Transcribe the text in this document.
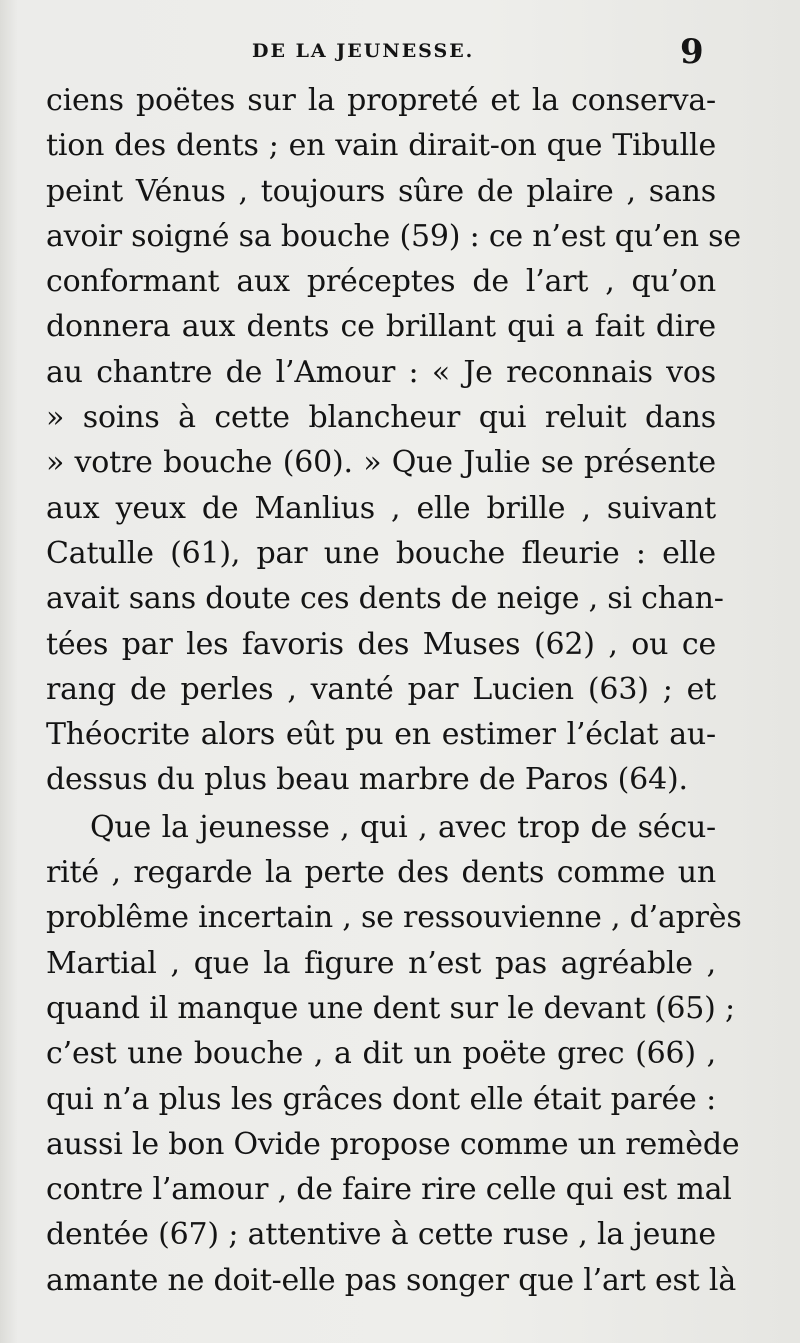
DE LA JEUNESSE.	9
ciens poëtes sur la propreté et la conserva-
tion des dents ; en vain dirait-on que Tibulle
peint Vénus , toujours sûre de plaire , sans
avoir soigné sa bouche (59) : ce n’est qu’en se
conformant aux préceptes de l’art , qu’on
donnera aux dents ce brillant qui a fait dire
au chantre de l’Amour : « Je reconnais vos
» soins à cette blancheur qui reluit dans
» votre bouche (60). » Que Julie se présente
aux yeux de Manlius , elle brille , suivant
Catulle (61), par une bouche fleurie : elle
avait sans doute ces dents de neige , si chan-
tées par les favoris des Muses (62) , ou ce
rang de perles , vanté par Lucien (63) ; et
Théocrite alors eût pu en estimer l’éclat au-
dessus du plus beau marbre de Paros (64).
Que la jeunesse , qui , avec trop de sécu-
rité , regarde la perte des dents comme un
problême incertain , se ressouvienne , d’après
Martial , que la figure n’est pas agréable ,
quand il manque une dent sur le devant (65) ;
c’est une bouche , a dit un poëte grec (66) ,
qui n’a plus les grâces dont elle était parée :
aussi le bon Ovide propose comme un remède
contre l’amour , de faire rire celle qui est mal
dentée (67) ; attentive à cette ruse , la jeune
amante ne doit-elle pas songer que l’art est là
